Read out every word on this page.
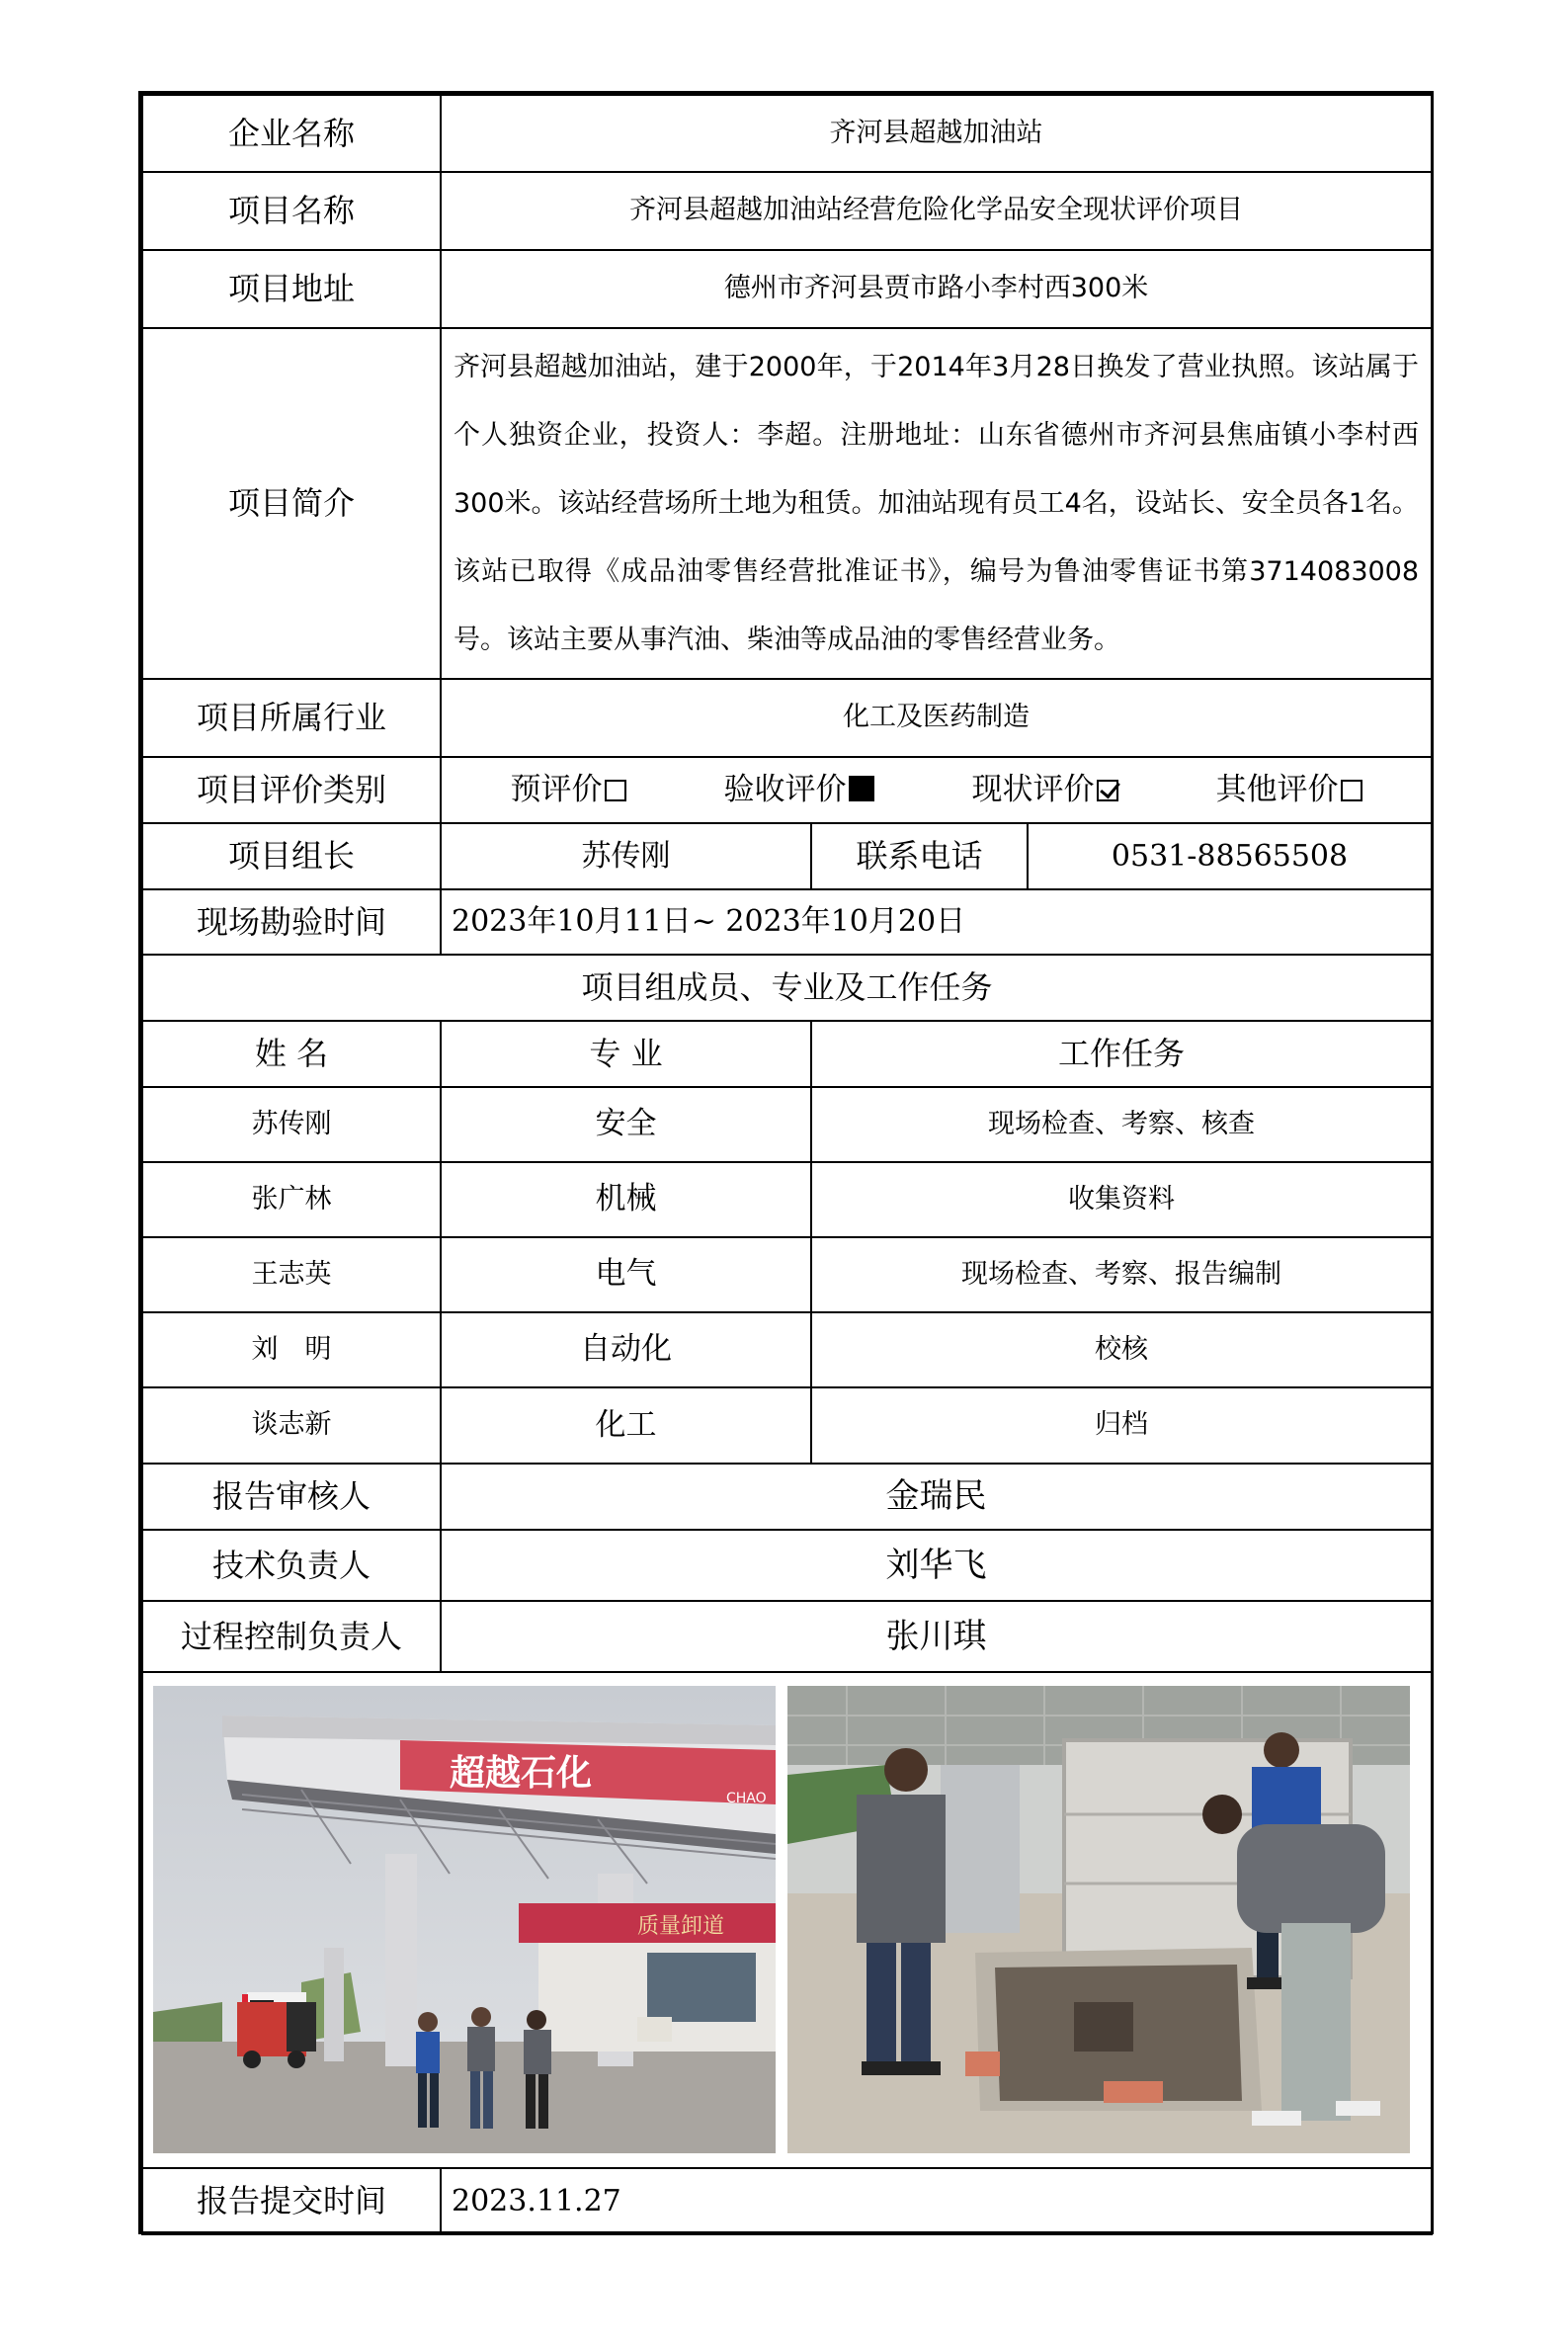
企业名称	齐河县超越加油站		
项目名称	齐河县超越加油站经营危险化学品安全现状评价项目		
项目地址	德州市齐河县贾市路小李村西300米		
项目简介	齐河县超越加油站，建于2000年，于2014年3月28日换发了营业执照。该站属于个人独资企业，投资人：李超。注册地址：山东省德州市齐河县焦庙镇小李村西300米。该站经营场所土地为租赁。加油站现有员工4名，设站长、安全员各1名。该站已取得《成品油零售经营批准证书》，编号为鲁油零售证书第3714083008 号。该站主要从事汽油、柴油等成品油的零售经营业务。		
项目所属行业	化工及医药制造		
项目评价类别	预评价 验收评价 现状评价 其他评价		

项目组长	苏传刚	联系电话	0531-88565508
现场勘验时间	2023年10月11日~ 2023年10月20日		
项目组成员、专业及工作任务			
姓 名	专 业	工作任务
苏传刚	安全	现场检查、考察、核查
张广林	机械	收集资料
王志英	电气	现场检查、考察、报告编制
刘　明	自动化	校核
谈志新	化工	归档
报告审核人	金瑞民	
技术负责人	刘华飞	
过程控制负责人	张川琪	

超越石化
CHAO
质量卸道		

报告提交时间	2023.11.27	
